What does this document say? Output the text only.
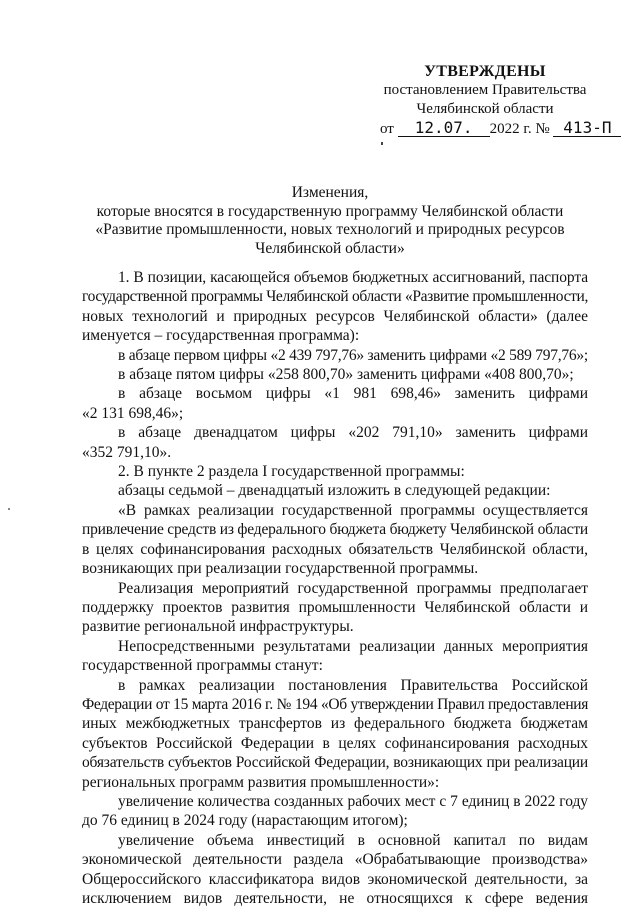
УТВЕРЖДЕНЫ
постановлением Правительства
Челябинской области
от 12.07. 2022 г. № 413-П
Изменения,
которые вносятся в государственную программу Челябинской области
«Развитие промышленности, новых технологий и природных ресурсов
Челябинской области»

1. В позиции, касающейся объемов бюджетных ассигнований, паспорта

государственной программы Челябинской области «Развитие промышленности,

новых технологий и природных ресурсов Челябинской области» (далее

именуется – государственная программа):

в абзаце первом цифры «2 439 797,76» заменить цифрами «2 589 797,76»;

в абзаце пятом цифры «258 800,70» заменить цифрами «408 800,70»;

в абзаце восьмом цифры «1 981 698,46» заменить цифрами

«2 131 698,46»;

в абзаце двенадцатом цифры «202 791,10» заменить цифрами

«352 791,10».

2. В пункте 2 раздела I государственной программы:

абзацы седьмой – двенадцатый изложить в следующей редакции:

«В рамках реализации государственной программы осуществляется

привлечение средств из федерального бюджета бюджету Челябинской области

в целях софинансирования расходных обязательств Челябинской области,

возникающих при реализации государственной программы.

Реализация мероприятий государственной программы предполагает

поддержку проектов развития промышленности Челябинской области и

развитие региональной инфраструктуры.

Непосредственными результатами реализации данных мероприятия

государственной программы станут:

в рамках реализации постановления Правительства Российской

Федерации от 15 марта 2016 г. № 194 «Об утверждении Правил предоставления

иных межбюджетных трансфертов из федерального бюджета бюджетам

субъектов Российской Федерации в целях софинансирования расходных

обязательств субъектов Российской Федерации, возникающих при реализации

региональных программ развития промышленности»:

увеличение количества созданных рабочих мест с 7 единиц в 2022 году

до 76 единиц в 2024 году (нарастающим итогом);

увеличение объема инвестиций в основной капитал по видам

экономической деятельности раздела «Обрабатывающие производства»

Общероссийского классификатора видов экономической деятельности, за

исключением видов деятельности, не относящихся к сфере ведения
